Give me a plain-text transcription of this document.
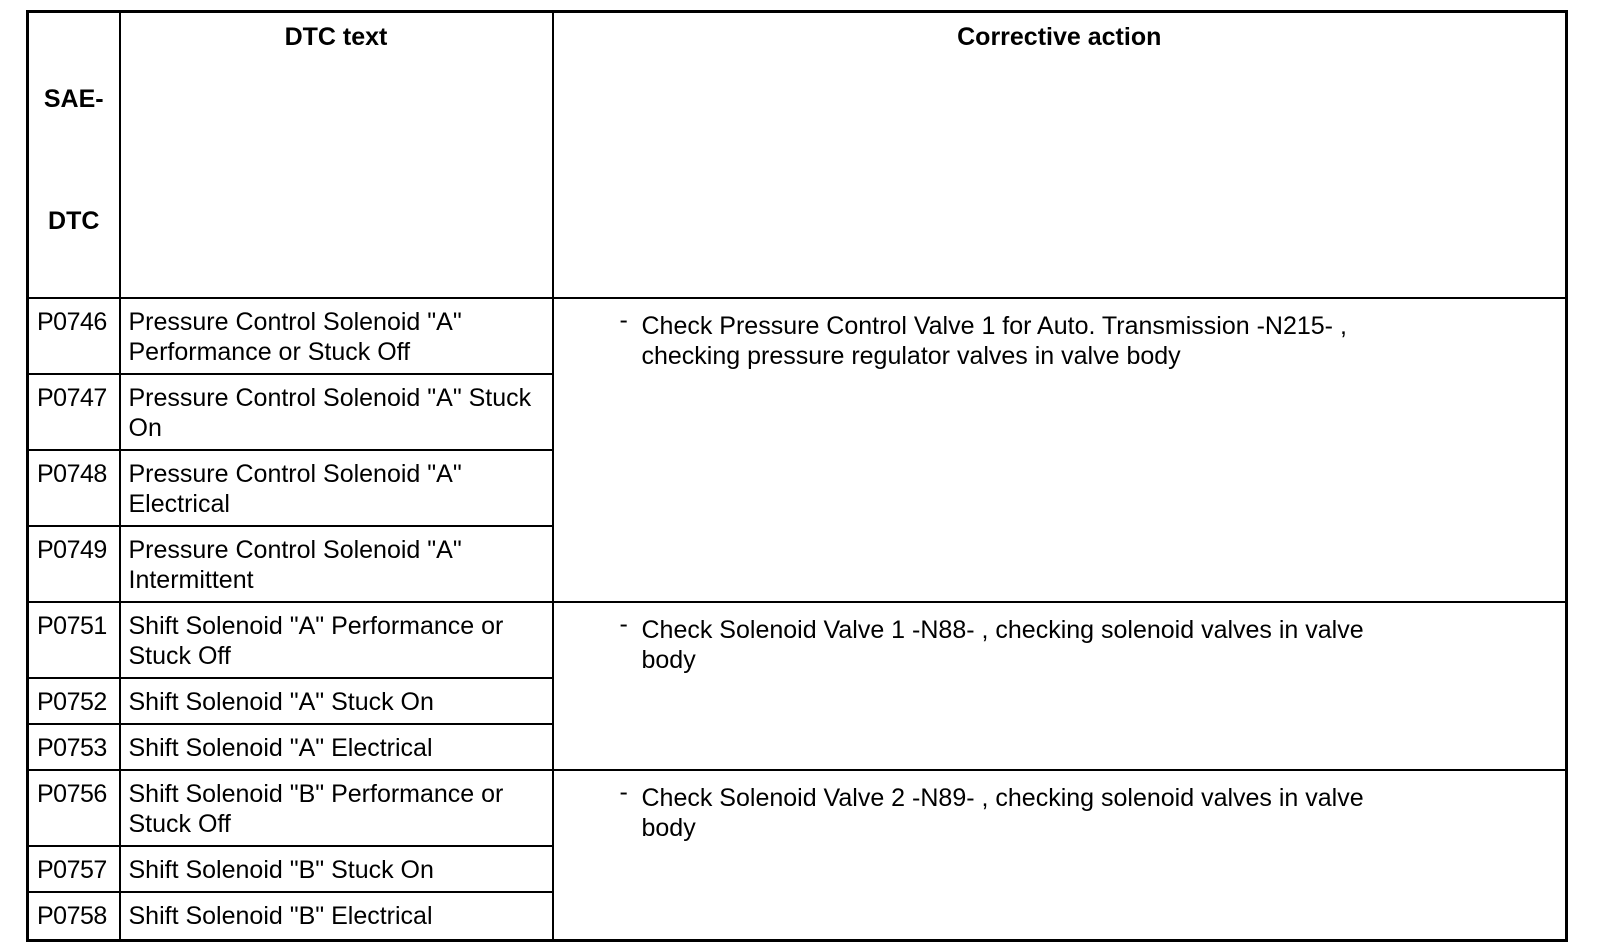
SAE-

DTC	DTC text	Corrective action

P0746	Pressure Control Solenoid "A" Performance or Stuck Off	- Check Pressure Control Valve 1 for Auto. Transmission -N215- , checking pressure regulator valves in valve body

P0747	Pressure Control Solenoid "A" Stuck On	
P0748	Pressure Control Solenoid "A" Electrical	
P0749	Pressure Control Solenoid "A" Intermittent	
P0751	Shift Solenoid "A" Performance or Stuck Off	- Check Solenoid Valve 1 -N88- , checking solenoid valves in valve body

P0752	Shift Solenoid "A" Stuck On	
P0753	Shift Solenoid "A" Electrical	
P0756	Shift Solenoid "B" Performance or Stuck Off	- Check Solenoid Valve 2 -N89- , checking solenoid valves in valve body

P0757	Shift Solenoid "B" Stuck On	
P0758	Shift Solenoid "B" Electrical	
